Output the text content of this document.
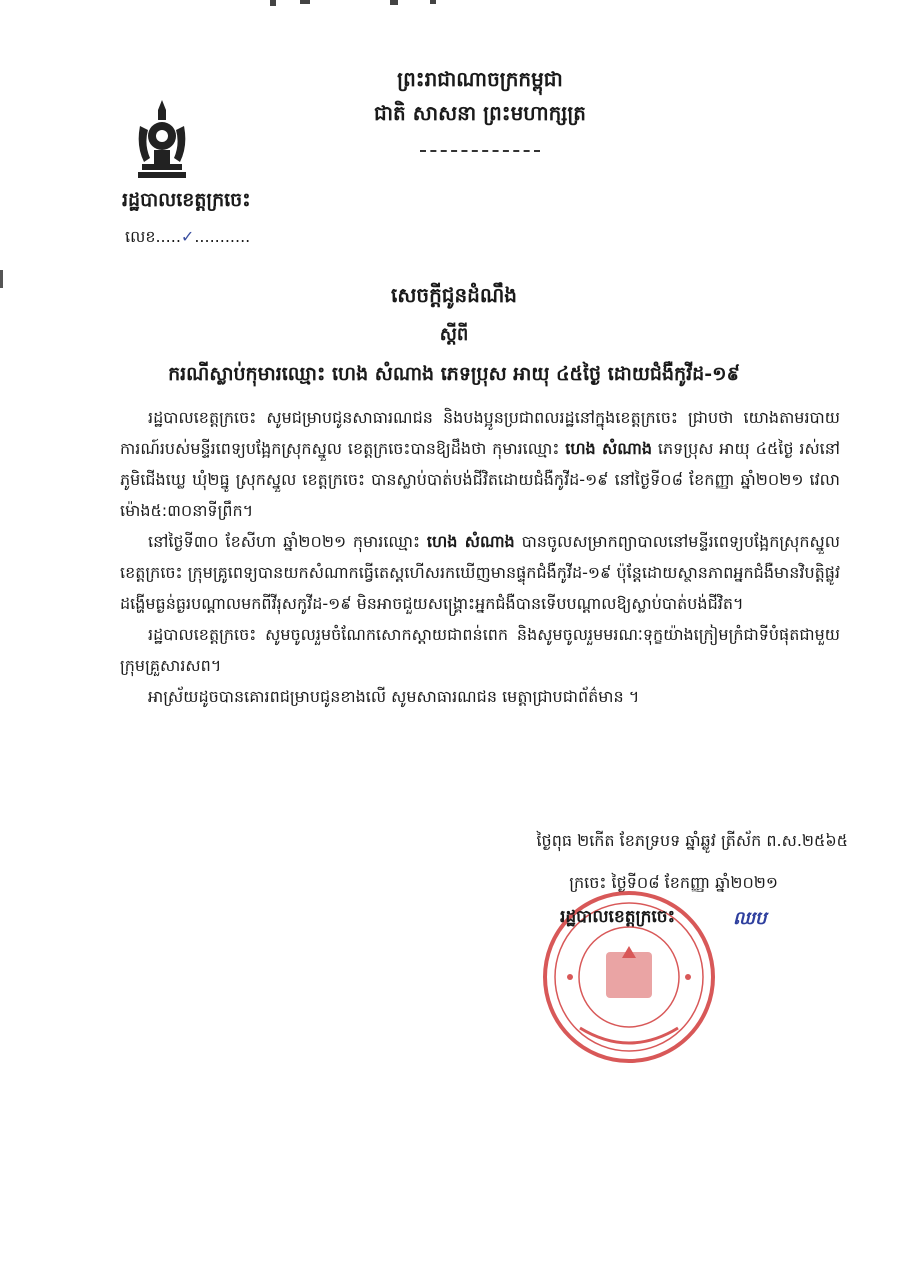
ព្រះរាជាណាចក្រកម្ពុជា
ជាតិ សាសនា ព្រះមហាក្សត្រ
រដ្ឋបាលខេត្តក្រចេះ
លេខ.....✓...........
សេចក្តីជូនដំណឹង
ស្តីពី
ករណីស្លាប់កុមារឈ្មោះ ហេង សំណាង ភេទប្រុស អាយុ ៤៥ថ្ងៃ ដោយជំងឺកូវីដ-១៩

រដ្ឋបាលខេត្តក្រចេះ សូមជម្រាបជូនសាធារណជន និងបងប្អូនប្រជាពលរដ្ឋនៅក្នុងខេត្តក្រចេះ ជ្រាបថា យោងតាមរបាយការណ៍របស់មន្ទីរពេទ្យបង្អែកស្រុកស្នួល ខេត្តក្រចេះបានឱ្យដឹងថា កុមារឈ្មោះ ហេង សំណាង ភេទប្រុស អាយុ ៤៥ថ្ងៃ រស់នៅភូមិជើងឃ្លេ ឃុំ២ធ្នូ ស្រុកស្នួល ខេត្តក្រចេះ បានស្លាប់បាត់បង់ជីវិតដោយជំងឺកូវីដ-១៩ នៅថ្ងៃទី០៨ ខែកញ្ញា ឆ្នាំ២០២១ វេលាម៉ោង៥:៣០នាទីព្រឹក។

នៅថ្ងៃទី៣០ ខែសីហា ឆ្នាំ២០២១ កុមារឈ្មោះ ហេង សំណាង បានចូលសម្រាកព្យាបាលនៅមន្ទីរពេទ្យបង្អែកស្រុកស្នួល ខេត្តក្រចេះ ក្រុមគ្រូពេទ្យបានយកសំណាកធ្វើតេស្តហើសរកឃើញមានផ្ទុកជំងឺកូវីដ-១៩ ប៉ុន្តែដោយស្ថានភាពអ្នកជំងឺមានវិបត្តិផ្លូវដង្ហើមធ្ងន់ធ្ងរបណ្តាលមកពីវីរុសកូវីដ-១៩ មិនអាចជួយសង្គ្រោះអ្នកជំងឺបានទើបបណ្តាលឱ្យស្លាប់បាត់បង់ជីវិត។

រដ្ឋបាលខេត្តក្រចេះ សូមចូលរួមចំណែកសោកស្តាយជាពន់ពេក និងសូមចូលរួមមរណៈទុក្ខយ៉ាងក្រៀមក្រំជាទីបំផុតជាមួយក្រុមគ្រួសារសព។

អាស្រ័យដូចបានគោរពជម្រាបជូនខាងលើ សូមសាធារណជន មេត្តាជ្រាបជាព័ត៌មាន ។

ថ្ងៃពុធ ២កើត ខែភទ្របទ ឆ្នាំឆ្លូវ ត្រីស័ក ព.ស.២៥៦៥
ក្រចេះ ថ្ងៃទី០៨ ខែកញ្ញា ឆ្នាំ២០២១
រដ្ឋបាលខេត្តក្រចេះ	ឈប
